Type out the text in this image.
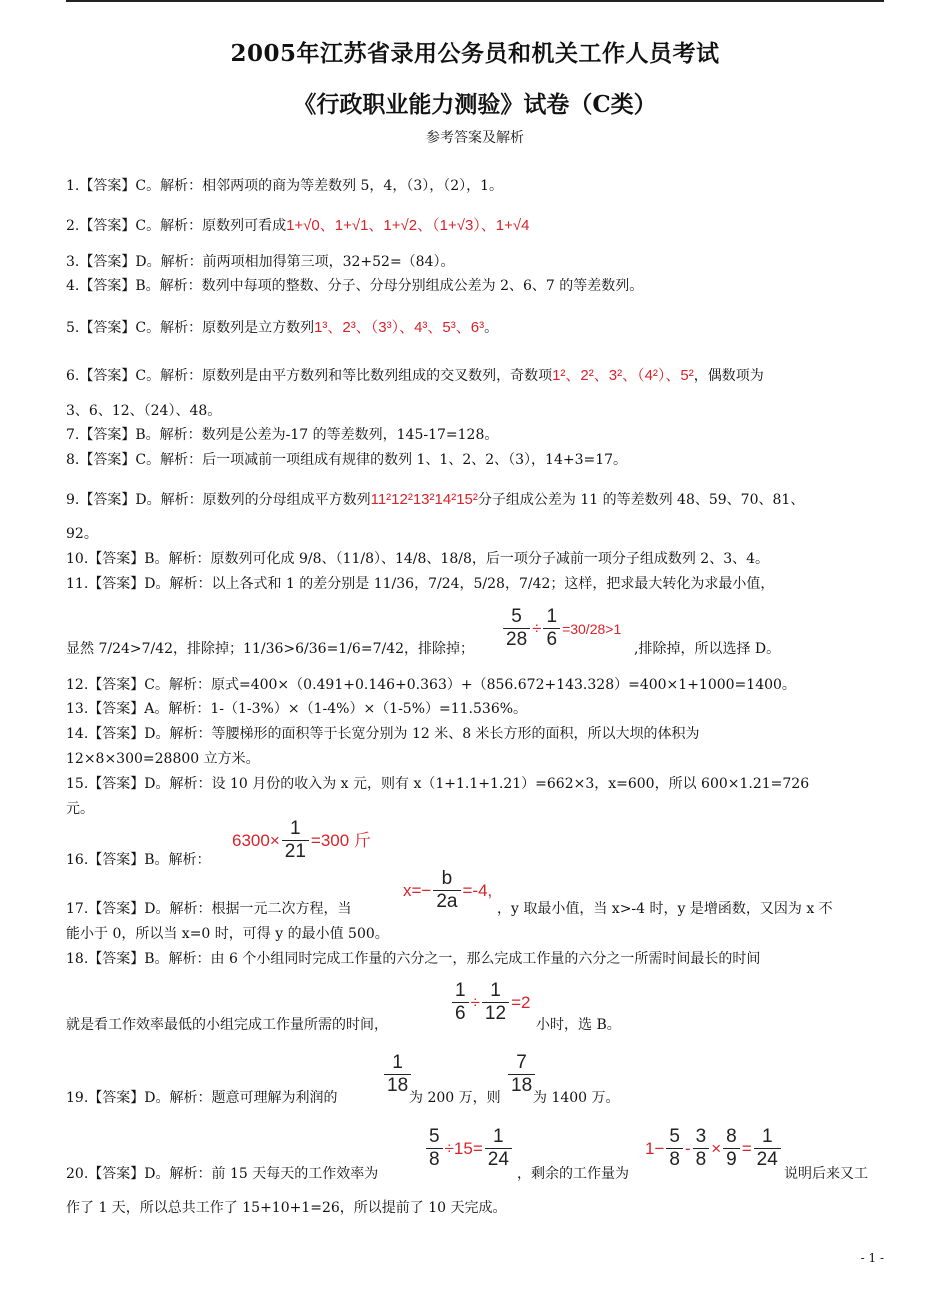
2005年江苏省录用公务员和机关工作人员考试
《行政职业能力测验》试卷（C类）
参考答案及解析
1.【答案】C。解析：相邻两项的商为等差数列 5，4，（3），（2），1。
2.【答案】C。解析：原数列可看成1+√0、1+√1、1+√2、（1+√3）、1+√4
3.【答案】D。解析：前两项相加得第三项，32+52=（84）。
4.【答案】B。解析：数列中每项的整数、分子、分母分别组成公差为 2、6、7 的等差数列。
5.【答案】C。解析：原数列是立方数列1³、2³、（3³）、4³、5³、6³。
6.【答案】C。解析：原数列是由平方数列和等比数列组成的交叉数列，奇数项1²、2²、3²、（4²）、5²，偶数项为
3、6、12、（24）、48。
7.【答案】B。解析：数列是公差为-17 的等差数列，145-17=128。
8.【答案】C。解析：后一项减前一项组成有规律的数列 1、1、2、2、（3），14+3=17。
9.【答案】D。解析：原数列的分母组成平方数列11²12²13²14²15²分子组成公差为 11 的等差数列 48、59、70、81、
92。
10.【答案】B。解析：原数列可化成 9/8、（11/8）、14/8、18/8，后一项分子减前一项分子组成数列 2、3、4。
11.【答案】D。解析：以上各式和 1 的差分别是 11/36，7/24，5/28，7/42；这样，把求最大转化为求最小值，
显然 7/24>7/42，排除掉；11/36>6/36=1/6=7/42，排除掉； $\frac{5}{28} \div \frac{1}{6} =30/28>1$
,排除掉，所以选择 D。
12.【答案】C。解析：原式=400×（0.491+0.146+0.363）+（856.672+143.328）=400×1+1000=1400。
13.【答案】A。解析：1-（1-3%）×（1-4%）×（1-5%）=11.536%。
14.【答案】D。解析：等腰梯形的面积等于长宽分别为 12 米、8 米长方形的面积，所以大坝的体积为
12×8×300=28800 立方米。
15.【答案】D。解析：设 10 月份的收入为 x 元，则有 x（1+1.1+1.21）=662×3，x=600，所以 600×1.21=726
元。
16.【答案】B。解析：
$6300\times \frac{1}{21} =300$ 斤
17.【答案】D。解析：根据一元二次方程，当
$x=- \frac{b}{2a} =-4$,
，y 取最小值，当 x>-4 时，y 是增函数，又因为 x 不
能小于 0，所以当 x=0 时，可得 y 的最小值 500。
18.【答案】B。解析：由 6 个小组同时完成工作量的六分之一，那么完成工作量的六分之一所需时间最长的时间
就是看工作效率最低的小组完成工作量所需的时间，	$\frac{1}{6} \div \frac{1}{12} =2$
小时，选 B。
19.【答案】D。解析：题意可理解为利润的
$\frac{1}{18}$
为 200 万，则
$\frac{7}{18}$
为 1400 万。
20.【答案】D。解析：前 15 天每天的工作效率为
$\frac{5}{8} \div 15= \frac{1}{24}$
，剩余的工作量为
$1- \frac{5}{8} - \frac{3}{8} \times \frac{8}{9} = \frac{1}{24}$
说明后来又工
作了 1 天，所以总共工作了 15+10+1=26，所以提前了 10 天完成。
- 1 -
